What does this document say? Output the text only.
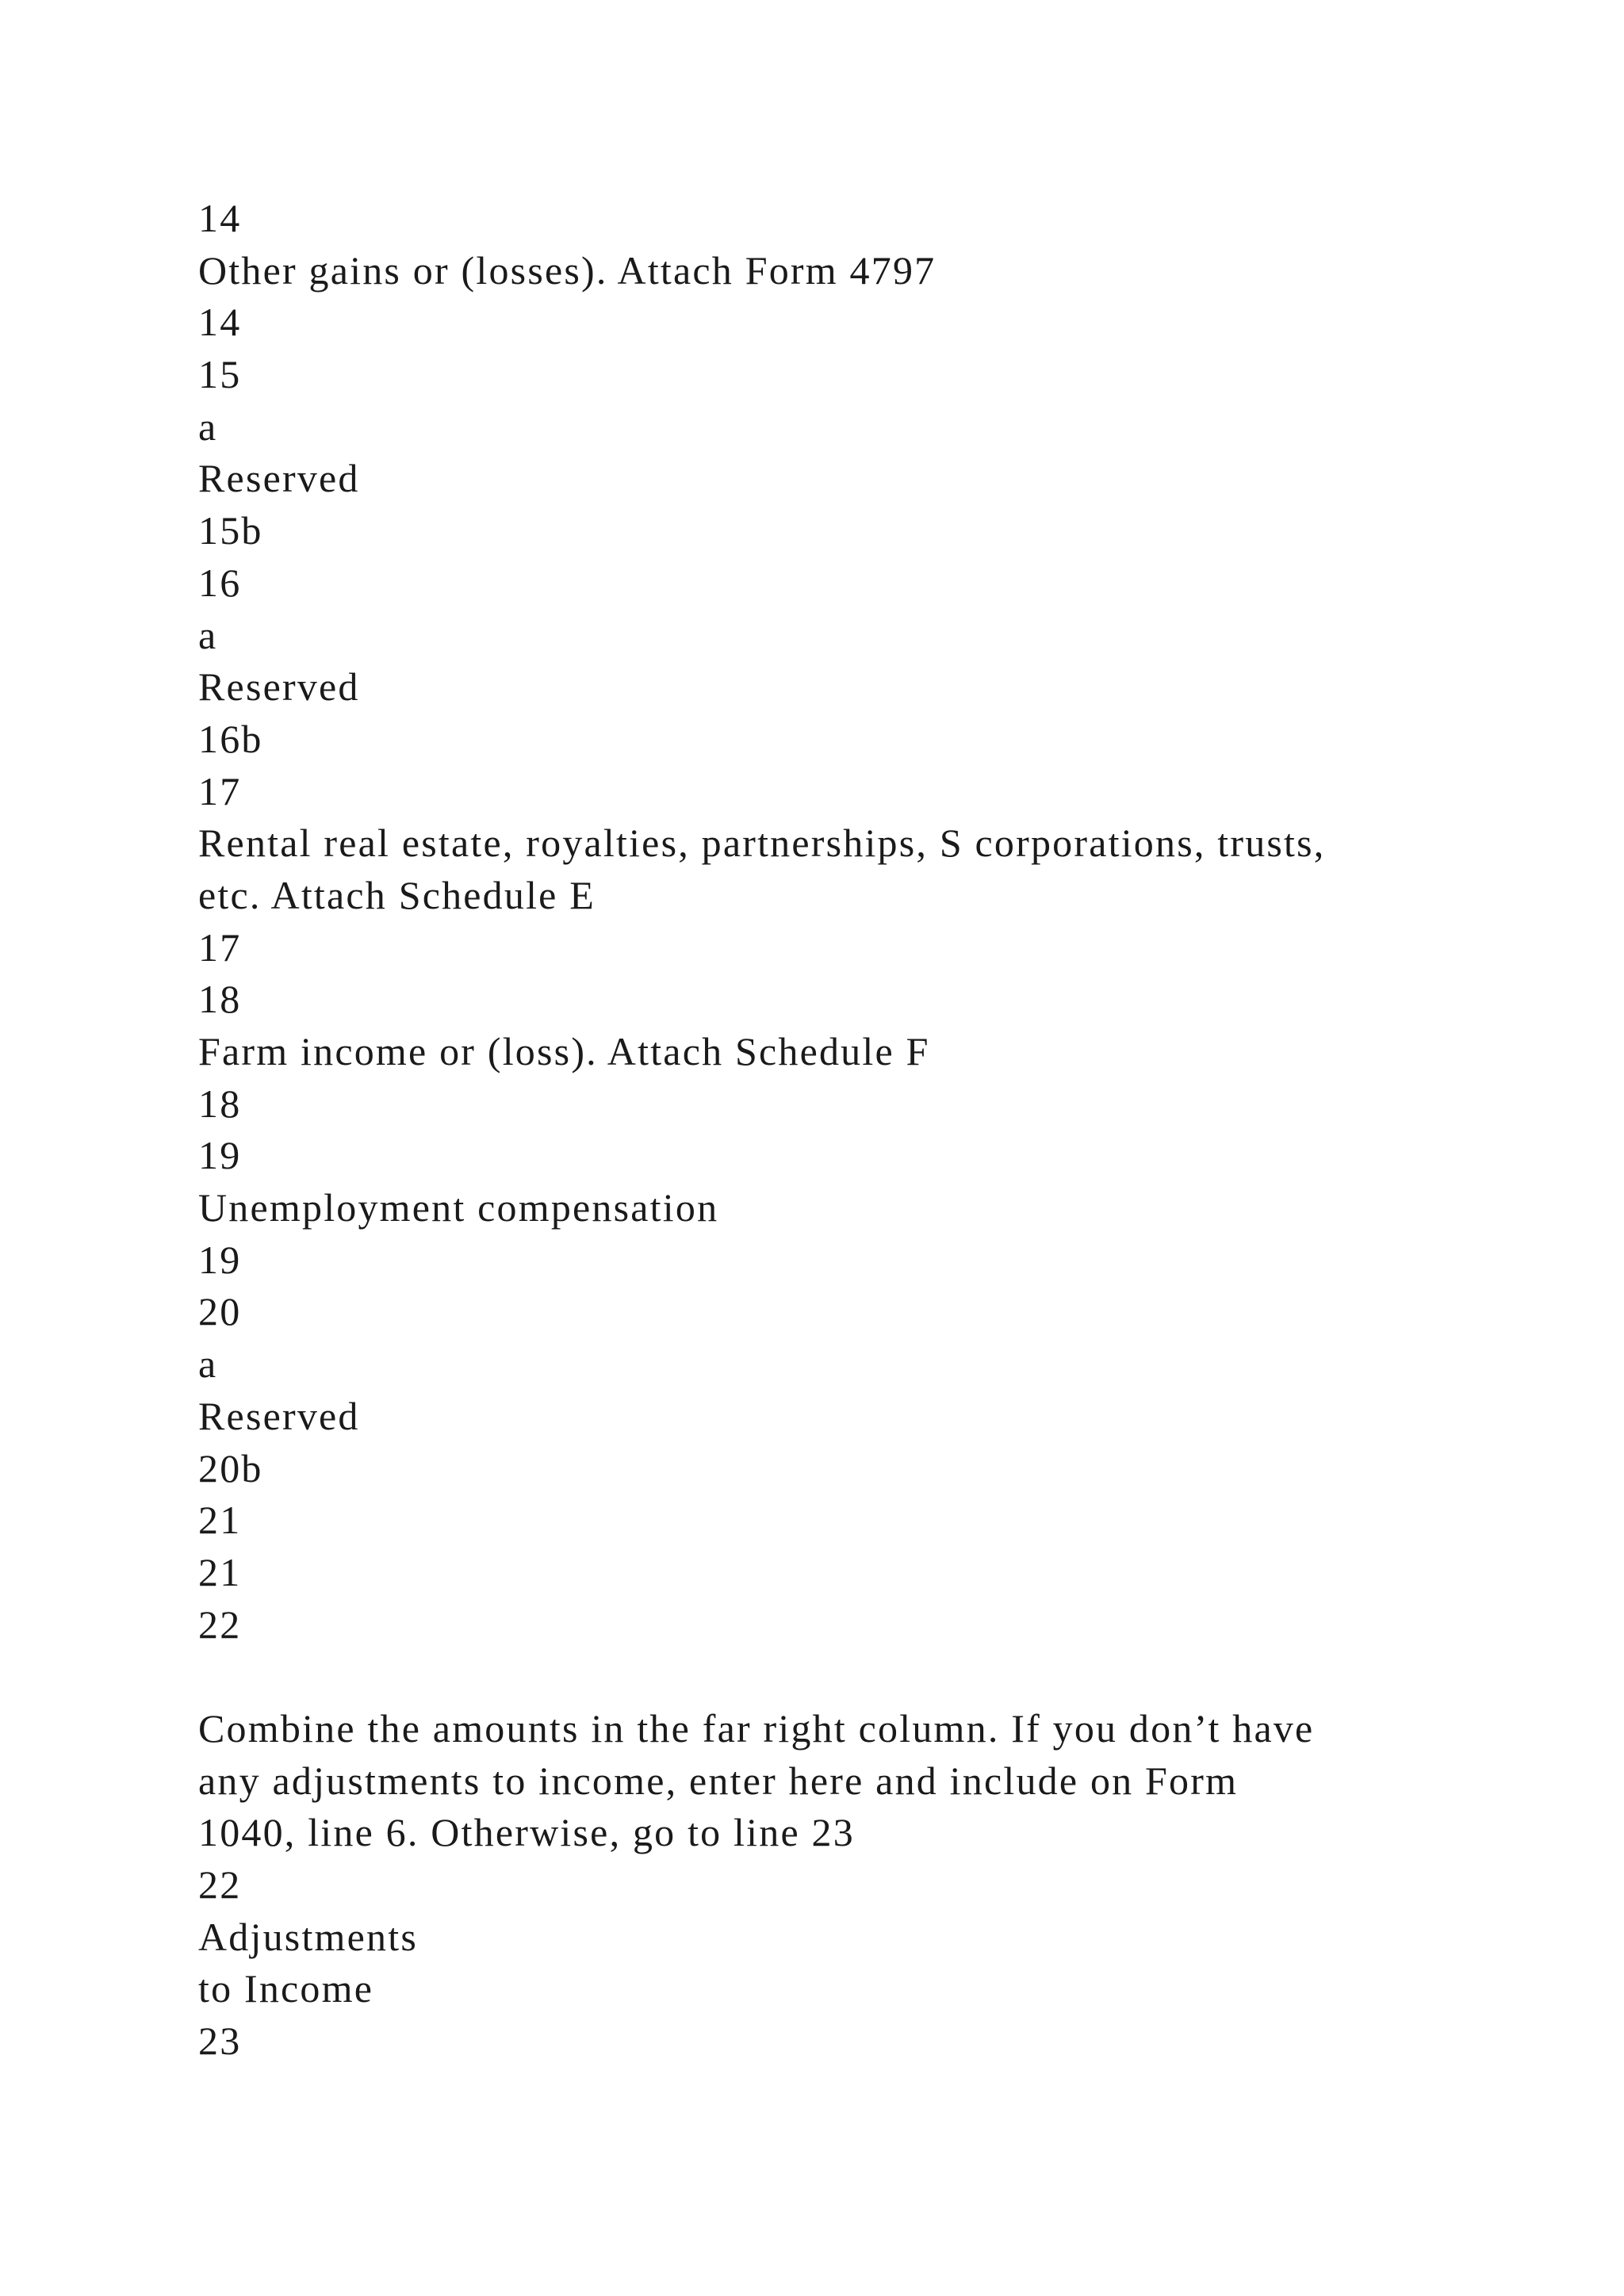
14
Other gains or (losses). Attach Form 4797
14
15
a
Reserved
15b
16
a
Reserved
16b
17
Rental real estate, royalties, partnerships, S corporations, trusts,
etc. Attach Schedule E
17
18
Farm income or (loss). Attach Schedule F
18
19
Unemployment compensation
19
20
a
Reserved
20b
21
21
22
Combine the amounts in the far right column. If you don’t have
any adjustments to income, enter here and include on Form
1040, line 6. Otherwise, go to line 23
22
Adjustments
to Income
23
